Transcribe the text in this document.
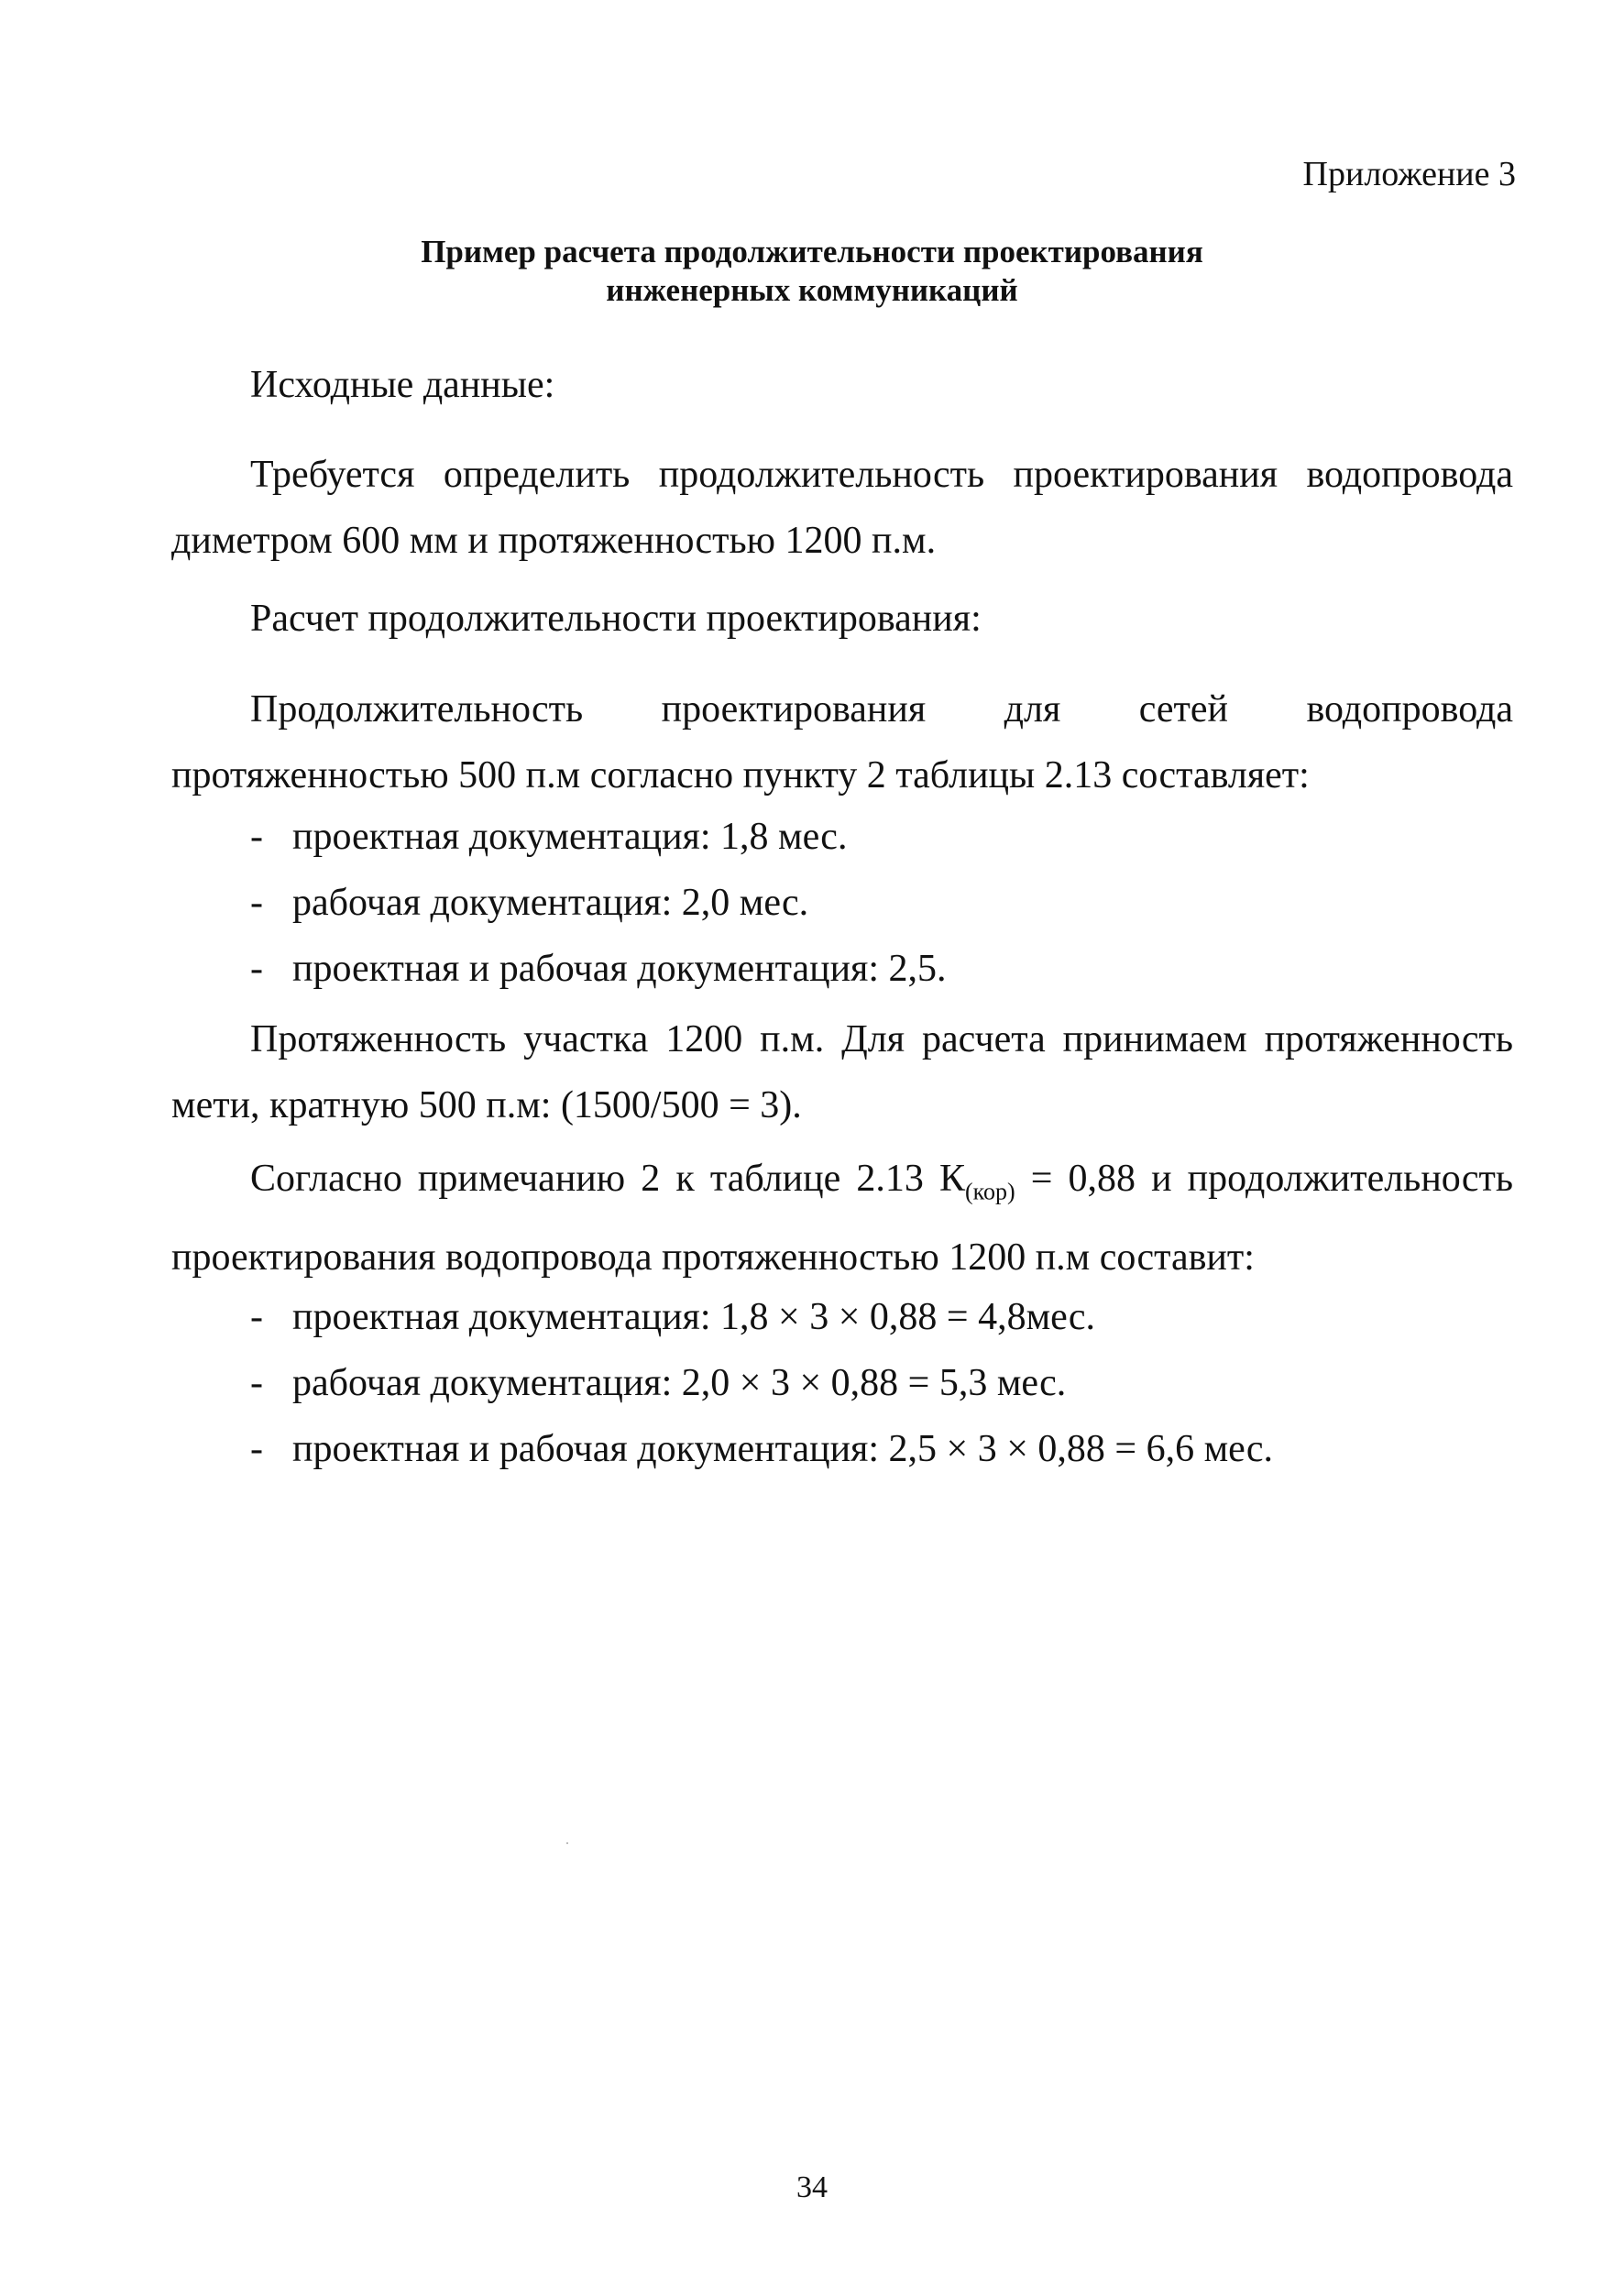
Приложение 3
Пример расчета продолжительности проектирования
инженерных коммуникаций
Исходные данные:

Требуется определить продолжительность проектирования водопровода диметром 600 мм и протяженностью 1200 п.м.

Расчет продолжительности проектирования:

Продолжительность проектирования для сетей водопровода протяженностью 500 п.м согласно пункту 2 таблицы 2.13 составляет:

- проектная документация: 1,8 мес.
- рабочая документация: 2,0 мес.
- проектная и рабочая документация: 2,5.

Протяженность участка 1200 п.м. Для расчета принимаем протяженность мети, кратную 500 п.м: (1500/500 = 3).

Согласно примечанию 2 к таблице 2.13 $К_{(кор)} = 0,88$ и продолжительность проектирования водопровода протяженностью 1200 п.м составит:

- проектная документация: 1,8 × 3 × 0,88 = 4,8мес.
- рабочая документация: 2,0 × 3 × 0,88 = 5,3 мес.
- проектная и рабочая документация: 2,5 × 3 × 0,88 = 6,6 мес.
34
